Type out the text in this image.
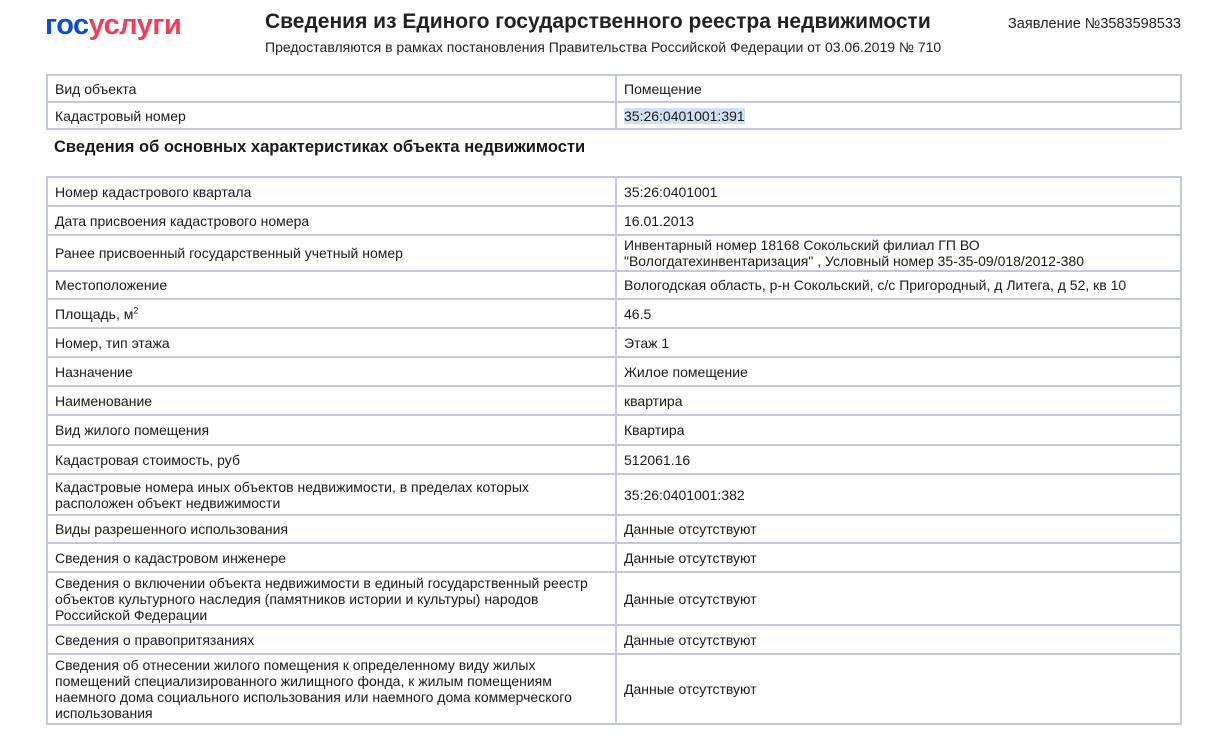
госуслуги	Сведения из Единого государственного реестра недвижимости
Предоставляются в рамках постановления Правительства Российской Федерации от 03.06.2019 № 710
Заявление №3583598533
Вид объекта	Помещение
Кадастровый номер	35:26:0401001:391
Сведения об основных характеристиках объекта недвижимости
Номер кадастрового квартала	35:26:0401001
Дата присвоения кадастрового номера	16.01.2013
Ранее присвоенный государственный учетный номер	Инвентарный номер 18168 Сокольский филиал ГП ВО
"Вологдатехинвентаризация" , Условный номер 35-35-09/018/2012-380

Местоположение	Вологодская область, р-н Сокольский, с/с Пригородный, д Литега, д 52, кв 10
Площадь, $м^2$	46.5
Номер, тип этажа	Этаж 1
Назначение	Жилое помещение
Наименование	квартира
Вид жилого помещения	Квартира
Кадастровая стоимость, руб	512061.16

Кадастровые номера иных объектов недвижимости, в пределах которых
расположен объект недвижимости	35:26:0401001:382
Виды разрешенного использования	Данные отсутствуют
Сведения о кадастровом инженере	Данные отсутствуют

Сведения о включении объекта недвижимости в единый государственный реестр
объектов культурного наследия (памятников истории и культуры) народов
Российской Федерации	Данные отсутствуют
Сведения о правопритязаниях	Данные отсутствуют

Сведения об отнесении жилого помещения к определенному виду жилых
помещений специализированного жилищного фонда, к жилым помещениям
наемного дома социального использования или наемного дома коммерческого
использования	Данные отсутствуют
